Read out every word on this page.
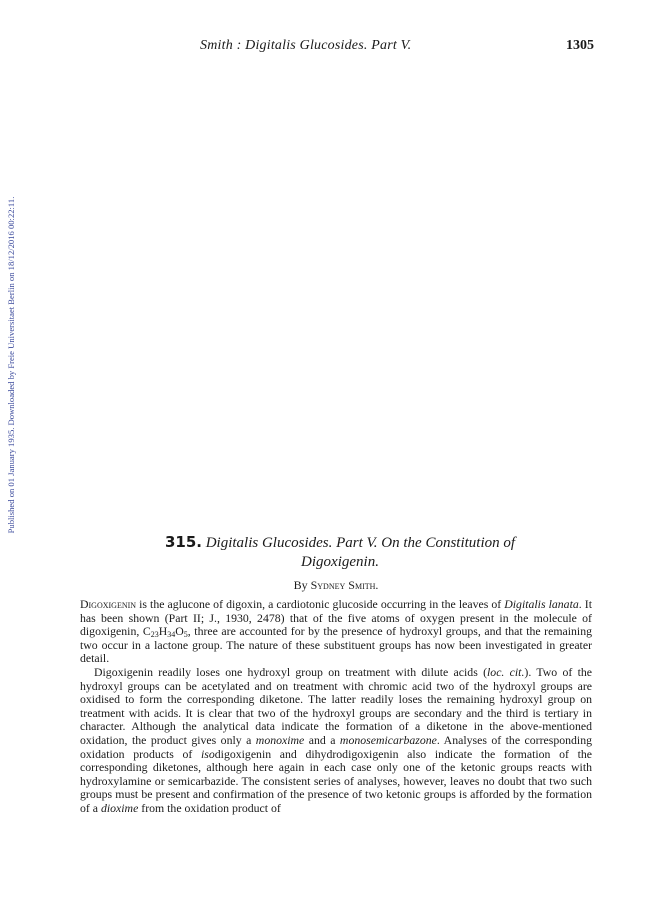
Smith : Digitalis Glucosides. Part V.	1305
Published on 01 January 1935. Downloaded by Freie Universitaet Berlin on 18/12/2016 00:22:11.
315. Digitalis Glucosides. Part V. On the Constitution of
Digoxigenin.
By Sydney Smith.

Digoxigenin is the aglucone of digoxin, a cardiotonic glucoside occurring in the leaves of Digitalis lanata. It has been shown (Part II; J., 1930, 2478) that of the five atoms of oxygen present in the molecule of digoxigenin, $C_{23}H_{34}O_5$, three are accounted for by the presence of hydroxyl groups, and that the remaining two occur in a lactone group. The nature of these substituent groups has now been investigated in greater detail.

Digoxigenin readily loses one hydroxyl group on treatment with dilute acids (loc. cit.). Two of the hydroxyl groups can be acetylated and on treatment with chromic acid two of the hydroxyl groups are oxidised to form the corresponding diketone. The latter readily loses the remaining hydroxyl group on treatment with acids. It is clear that two of the hydroxyl groups are secondary and the third is tertiary in character. Although the analytical data indicate the formation of a diketone in the above-mentioned oxidation, the product gives only a monoxime and a monosemicarbazone. Analyses of the corresponding oxidation products of isodigoxigenin and dihydrodigoxigenin also indicate the formation of the corresponding diketones, although here again in each case only one of the ketonic groups reacts with hydroxylamine or semicarbazide. The consistent series of analyses, however, leaves no doubt that two such groups must be present and confirmation of the presence of two ketonic groups is afforded by the formation of a dioxime from the oxidation product of
